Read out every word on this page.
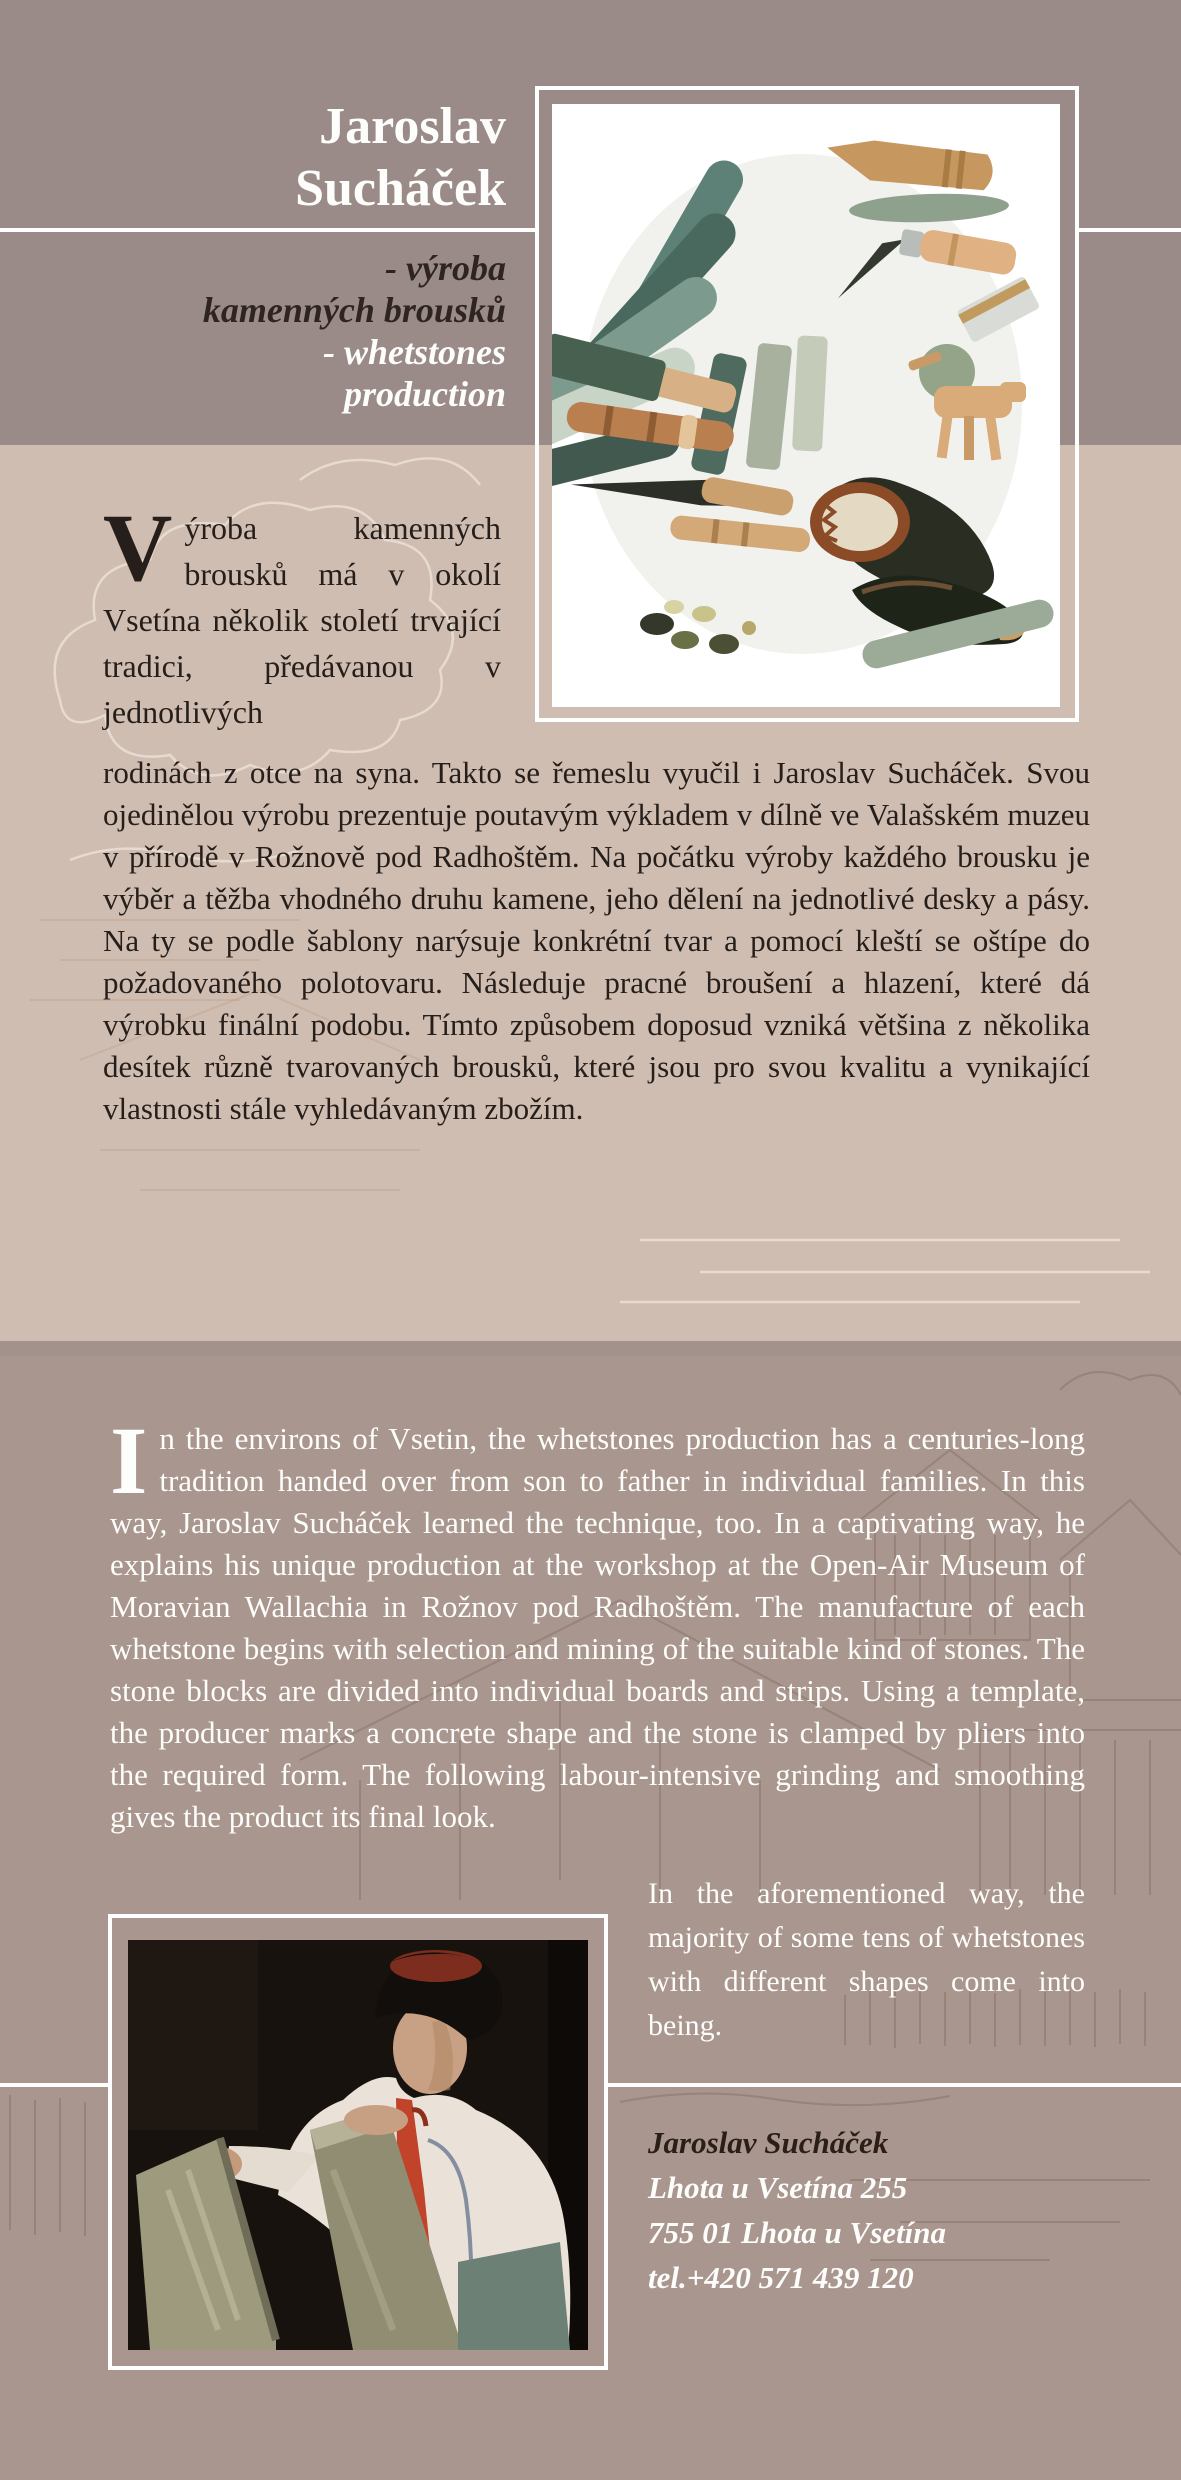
Jaroslav
Sucháček
- výroba
kamenných brousků
- whetstones
production

Výroba kamenných brousků má v okolí Vsetína několik století trvající tradici, předávanou v jednotlivých

rodinách z otce na syna. Takto se řemeslu vyučil i Jaroslav Sucháček. Svou ojedinělou výrobu prezentuje poutavým výkladem v dílně ve Valašském muzeu v přírodě v Rožnově pod Radhoštěm. Na počátku výroby každého brousku je výběr a těžba vhodného druhu kamene, jeho dělení na jednotlivé desky a pásy. Na ty se podle šablony narýsuje konkrétní tvar a pomocí kleští se oštípe do požadovaného polotovaru. Následuje pracné broušení a hlazení, které dá výrobku finální podobu. Tímto způsobem doposud vzniká většina z několika desítek různě tvarovaných brousků, které jsou pro svou kvalitu a vynikající vlastnosti stále vyhledávaným zbožím.

In the environs of Vsetin, the whetstones production has a centuries-long tradition handed over from son to father in individual families. In this way, Jaroslav Sucháček learned the technique, too. In a captivating way, he explains his unique production at the workshop at the Open-Air Museum of Moravian Wallachia in Rožnov pod Radhoštěm. The manufacture of each whetstone begins with selection and mining of the suitable kind of stones. The stone blocks are divided into individual boards and strips. Using a template, the producer marks a concrete shape and the stone is clamped by pliers into the required form. The following labour-intensive grinding and smoothing gives the product its final look.

In the aforementioned way, the majority of some tens of whetstones with different shapes come into being.

Jaroslav Sucháček
Lhota u Vsetína 255
755 01 Lhota u Vsetína
tel.+420 571 439 120
